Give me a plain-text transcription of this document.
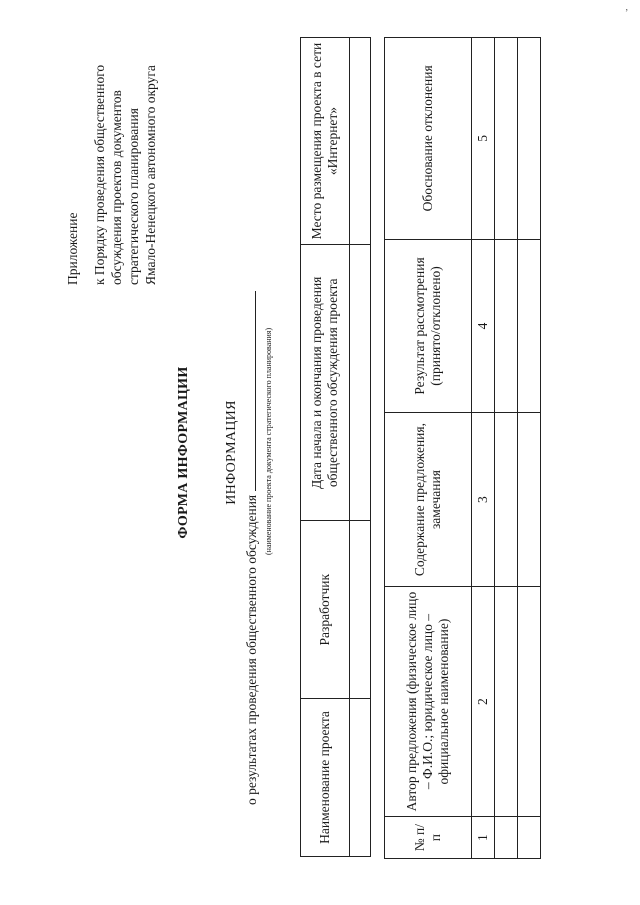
,
Приложение к Порядку проведения общественного обсуждения проектов документов стратегического планирования Ямало-Ненецкого автономного округа
ФОРМА ИНФОРМАЦИИ ИНФОРМАЦИЯ
о результатах проведения общественного обсуждения
(наименование проекта документа стратегического планирования)
Наименование проекта	Разработчик	Дата начала и окончания проведения общественного обсуждения проекта	Место размещения проекта в сети «Интернет»

№ п/п	Автор предложения (физическое лицо – Ф.И.О.; юридическое лицо – официальное наименование)	Содержание предложения, замечания	Результат рассмотрения (принято/отклонено)	Обоснование отклонения
1	2	3	4	5
